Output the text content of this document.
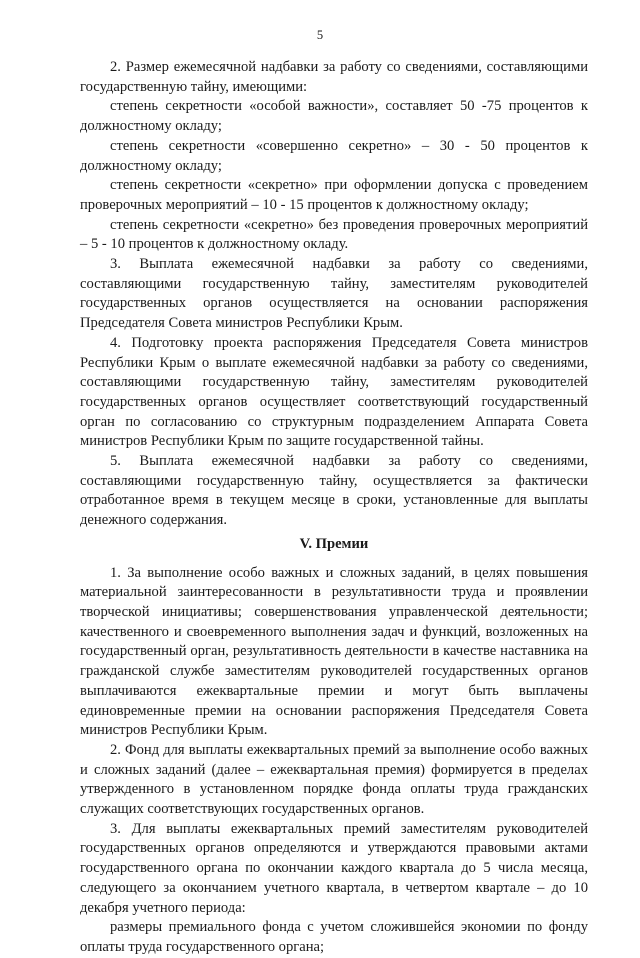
5

2. Размер ежемесячной надбавки за работу со сведениями, составляющими государственную тайну, имеющими:

степень секретности «особой важности», составляет 50 -75 процентов к должностному окладу;

степень секретности «совершенно секретно» – 30 - 50 процентов к должностному окладу;

степень секретности «секретно» при оформлении допуска с проведением проверочных мероприятий – 10 - 15 процентов к должностному окладу;

степень секретности «секретно» без проведения проверочных мероприятий – 5 - 10 процентов к должностному окладу.

3. Выплата ежемесячной надбавки за работу со сведениями, составляющими государственную тайну, заместителям руководителей государственных органов осуществляется на основании распоряжения Председателя Совета министров Республики Крым.

4. Подготовку проекта распоряжения Председателя Совета министров Республики Крым о выплате ежемесячной надбавки за работу со сведениями, составляющими государственную тайну, заместителям руководителей государственных органов осуществляет соответствующий государственный орган по согласованию со структурным подразделением Аппарата Совета министров Республики Крым по защите государственной тайны.

5. Выплата ежемесячной надбавки за работу со сведениями, составляющими государственную тайну, осуществляется за фактически отработанное время в текущем месяце в сроки, установленные для выплаты денежного содержания.

V. Премии

1. За выполнение особо важных и сложных заданий, в целях повышения материальной заинтересованности в результативности труда и проявлении творческой инициативы; совершенствования управленческой деятельности; качественного и своевременного выполнения задач и функций, возложенных на государственный орган, результативность деятельности в качестве наставника на гражданской службе заместителям руководителей государственных органов выплачиваются ежеквартальные премии и могут быть выплачены единовременные премии на основании распоряжения Председателя Совета министров Республики Крым.

2. Фонд для выплаты ежеквартальных премий за выполнение особо важных и сложных заданий (далее – ежеквартальная премия) формируется в пределах утвержденного в установленном порядке фонда оплаты труда гражданских служащих соответствующих государственных органов.

3. Для выплаты ежеквартальных премий заместителям руководителей государственных органов определяются и утверждаются правовыми актами государственного органа по окончании каждого квартала до 5 числа месяца, следующего за окончанием учетного квартала, в четвертом квартале – до 10 декабря учетного периода:

размеры премиального фонда с учетом сложившейся экономии по фонду оплаты труда государственного органа;
